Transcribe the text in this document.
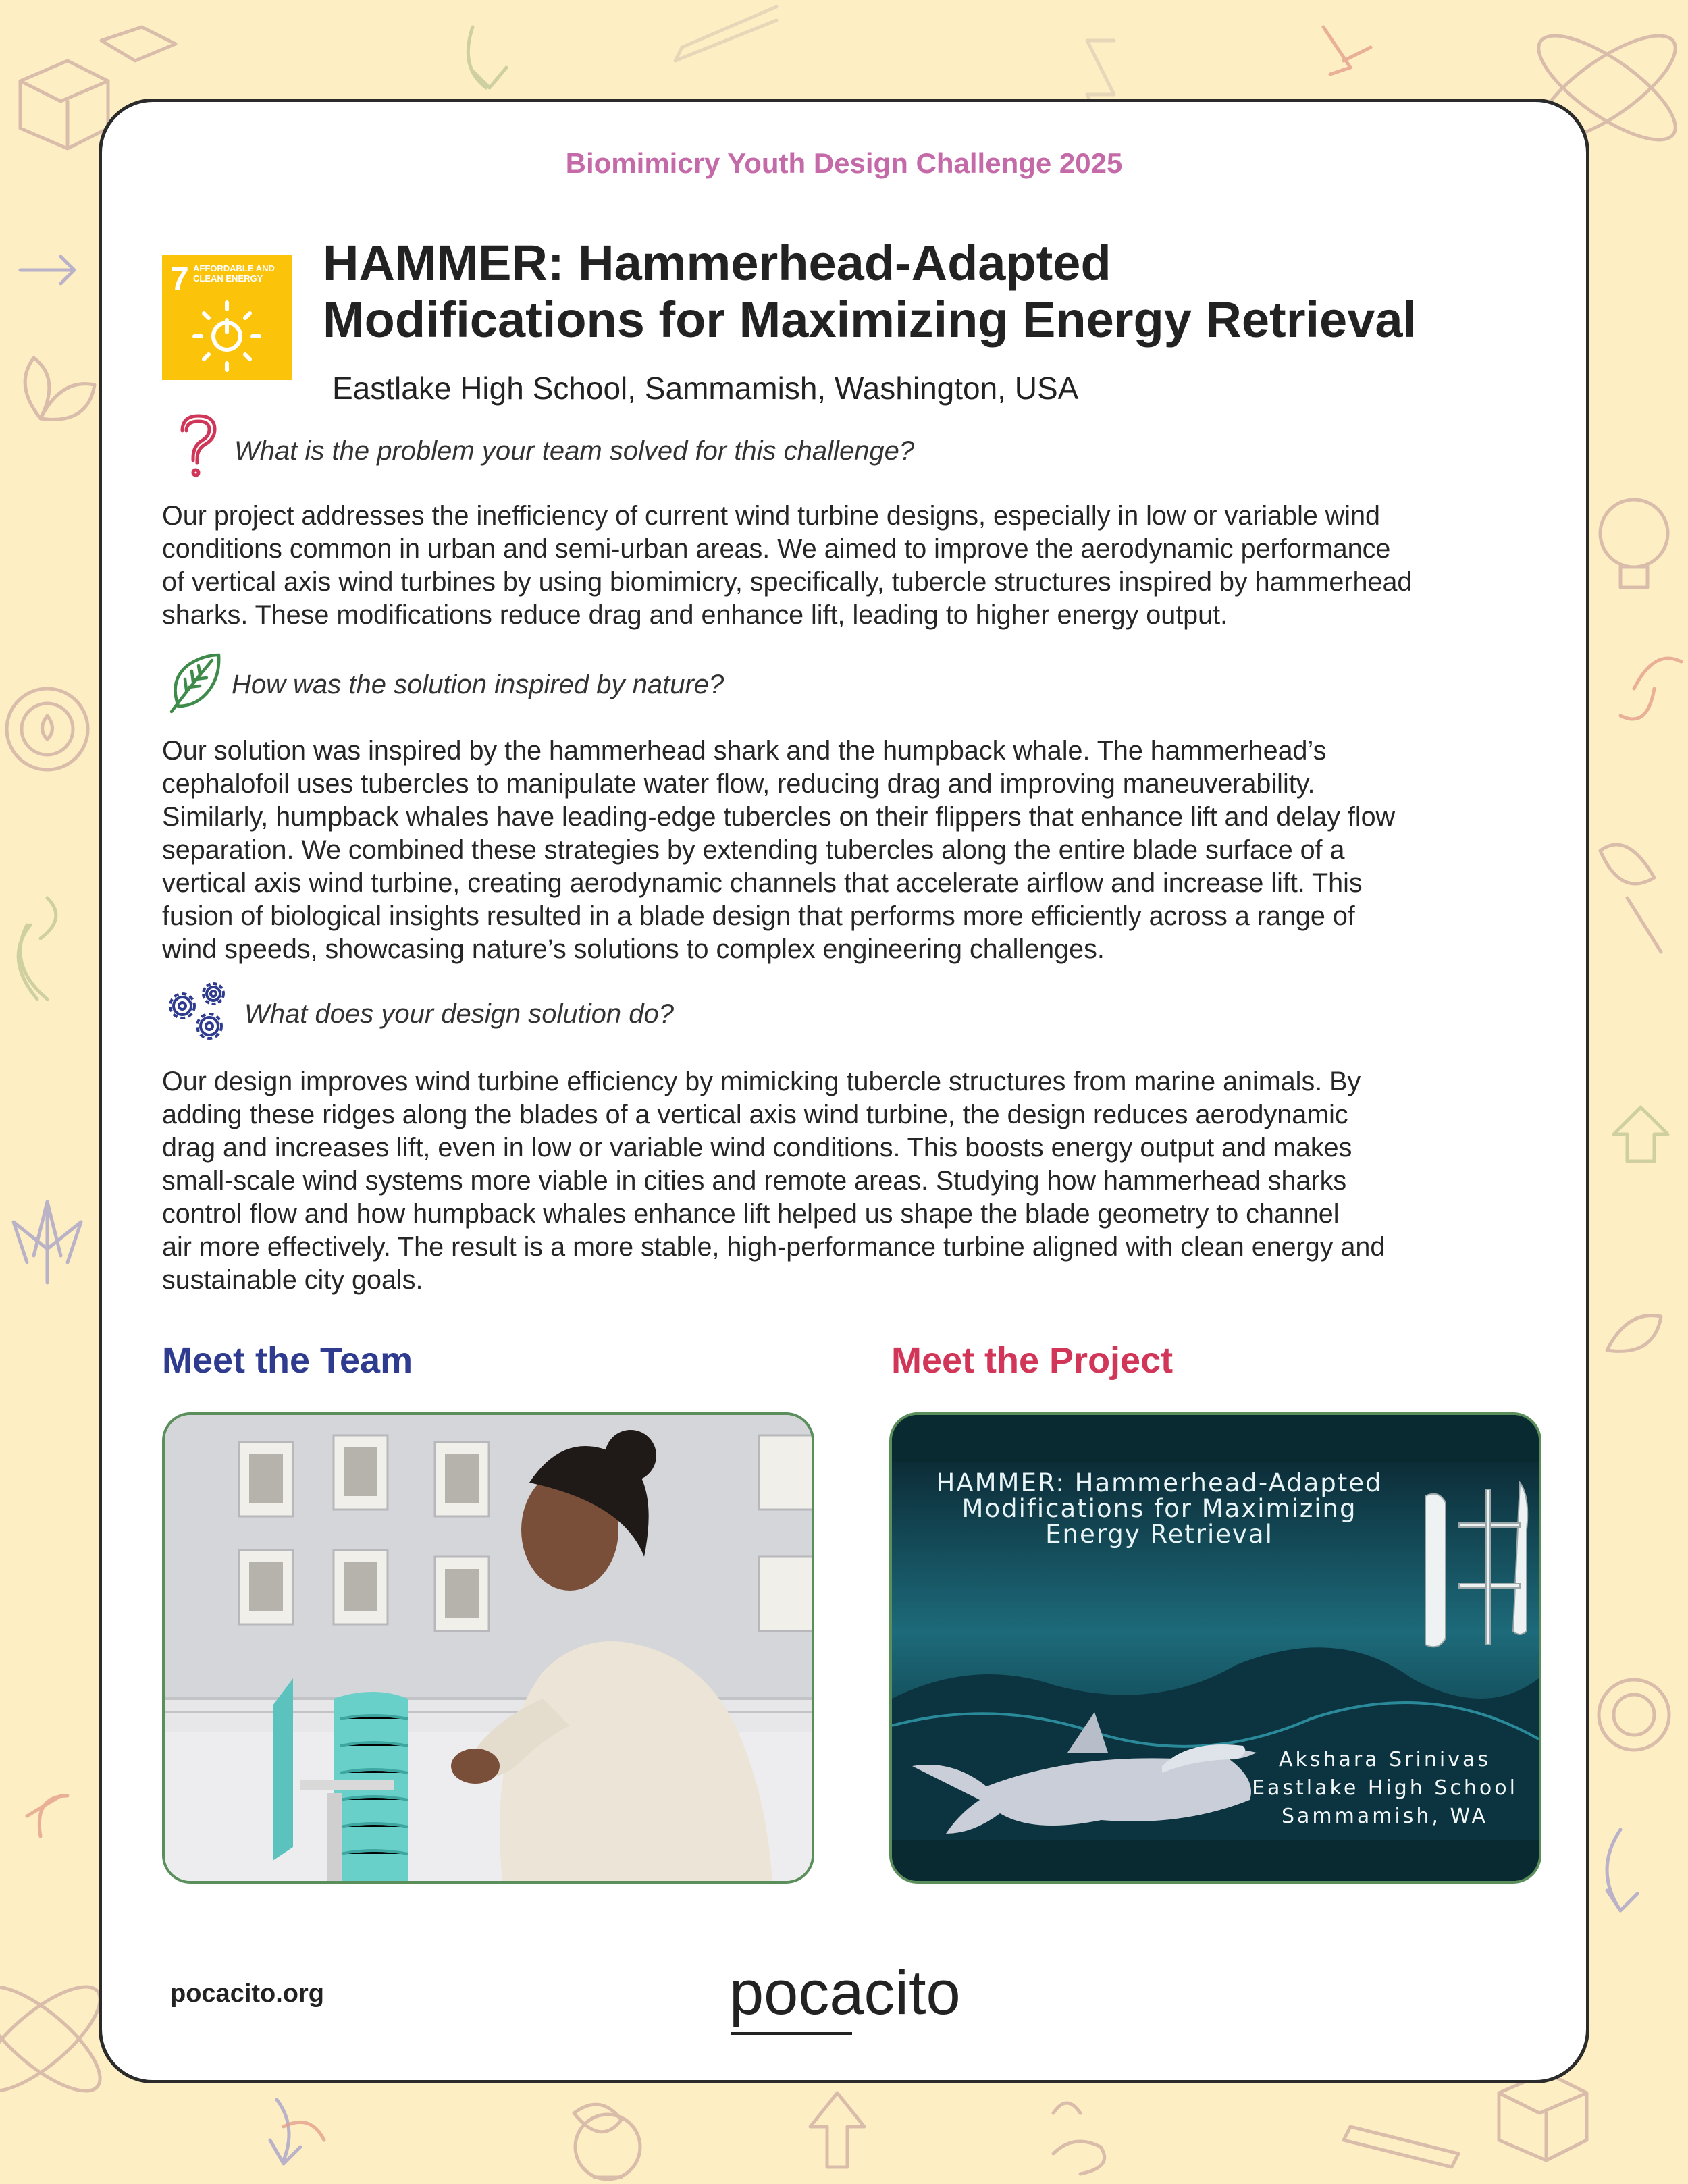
Biomimicry Youth Design Challenge 2025
7 AFFORDABLE AND CLEAN ENERGY	HAMMER: Hammerhead-Adapted
Modifications for Maximizing Energy Retrieval
Eastlake High School, Sammamish, Washington, USA
What is the problem your team solved for this challenge?
Our project addresses the inefficiency of current wind turbine designs, especially in low or variable wind
conditions common in urban and semi-urban areas. We aimed to improve the aerodynamic performance
of vertical axis wind turbines by using biomimicry, specifically, tubercle structures inspired by hammerhead
sharks. These modifications reduce drag and enhance lift, leading to higher energy output.
How was the solution inspired by nature?
Our solution was inspired by the hammerhead shark and the humpback whale. The hammerhead’s
cephalofoil uses tubercles to manipulate water flow, reducing drag and improving maneuverability.
Similarly, humpback whales have leading-edge tubercles on their flippers that enhance lift and delay flow
separation. We combined these strategies by extending tubercles along the entire blade surface of a
vertical axis wind turbine, creating aerodynamic channels that accelerate airflow and increase lift. This
fusion of biological insights resulted in a blade design that performs more efficiently across a range of
wind speeds, showcasing nature’s solutions to complex engineering challenges.
What does your design solution do?
Our design improves wind turbine efficiency by mimicking tubercle structures from marine animals. By
adding these ridges along the blades of a vertical axis wind turbine, the design reduces aerodynamic
drag and increases lift, even in low or variable wind conditions. This boosts energy output and makes
small-scale wind systems more viable in cities and remote areas. Studying how hammerhead sharks
control flow and how humpback whales enhance lift helped us shape the blade geometry to channel
air more effectively. The result is a more stable, high-performance turbine aligned with clean energy and
sustainable city goals.
Meet the Team	Meet the Project
HAMMER: Hammerhead-Adapted
Modifications for Maximizing
Energy Retrieval
Akshara Srinivas
Eastlake High School
Sammamish, WA
pocacito.org	pocacito
